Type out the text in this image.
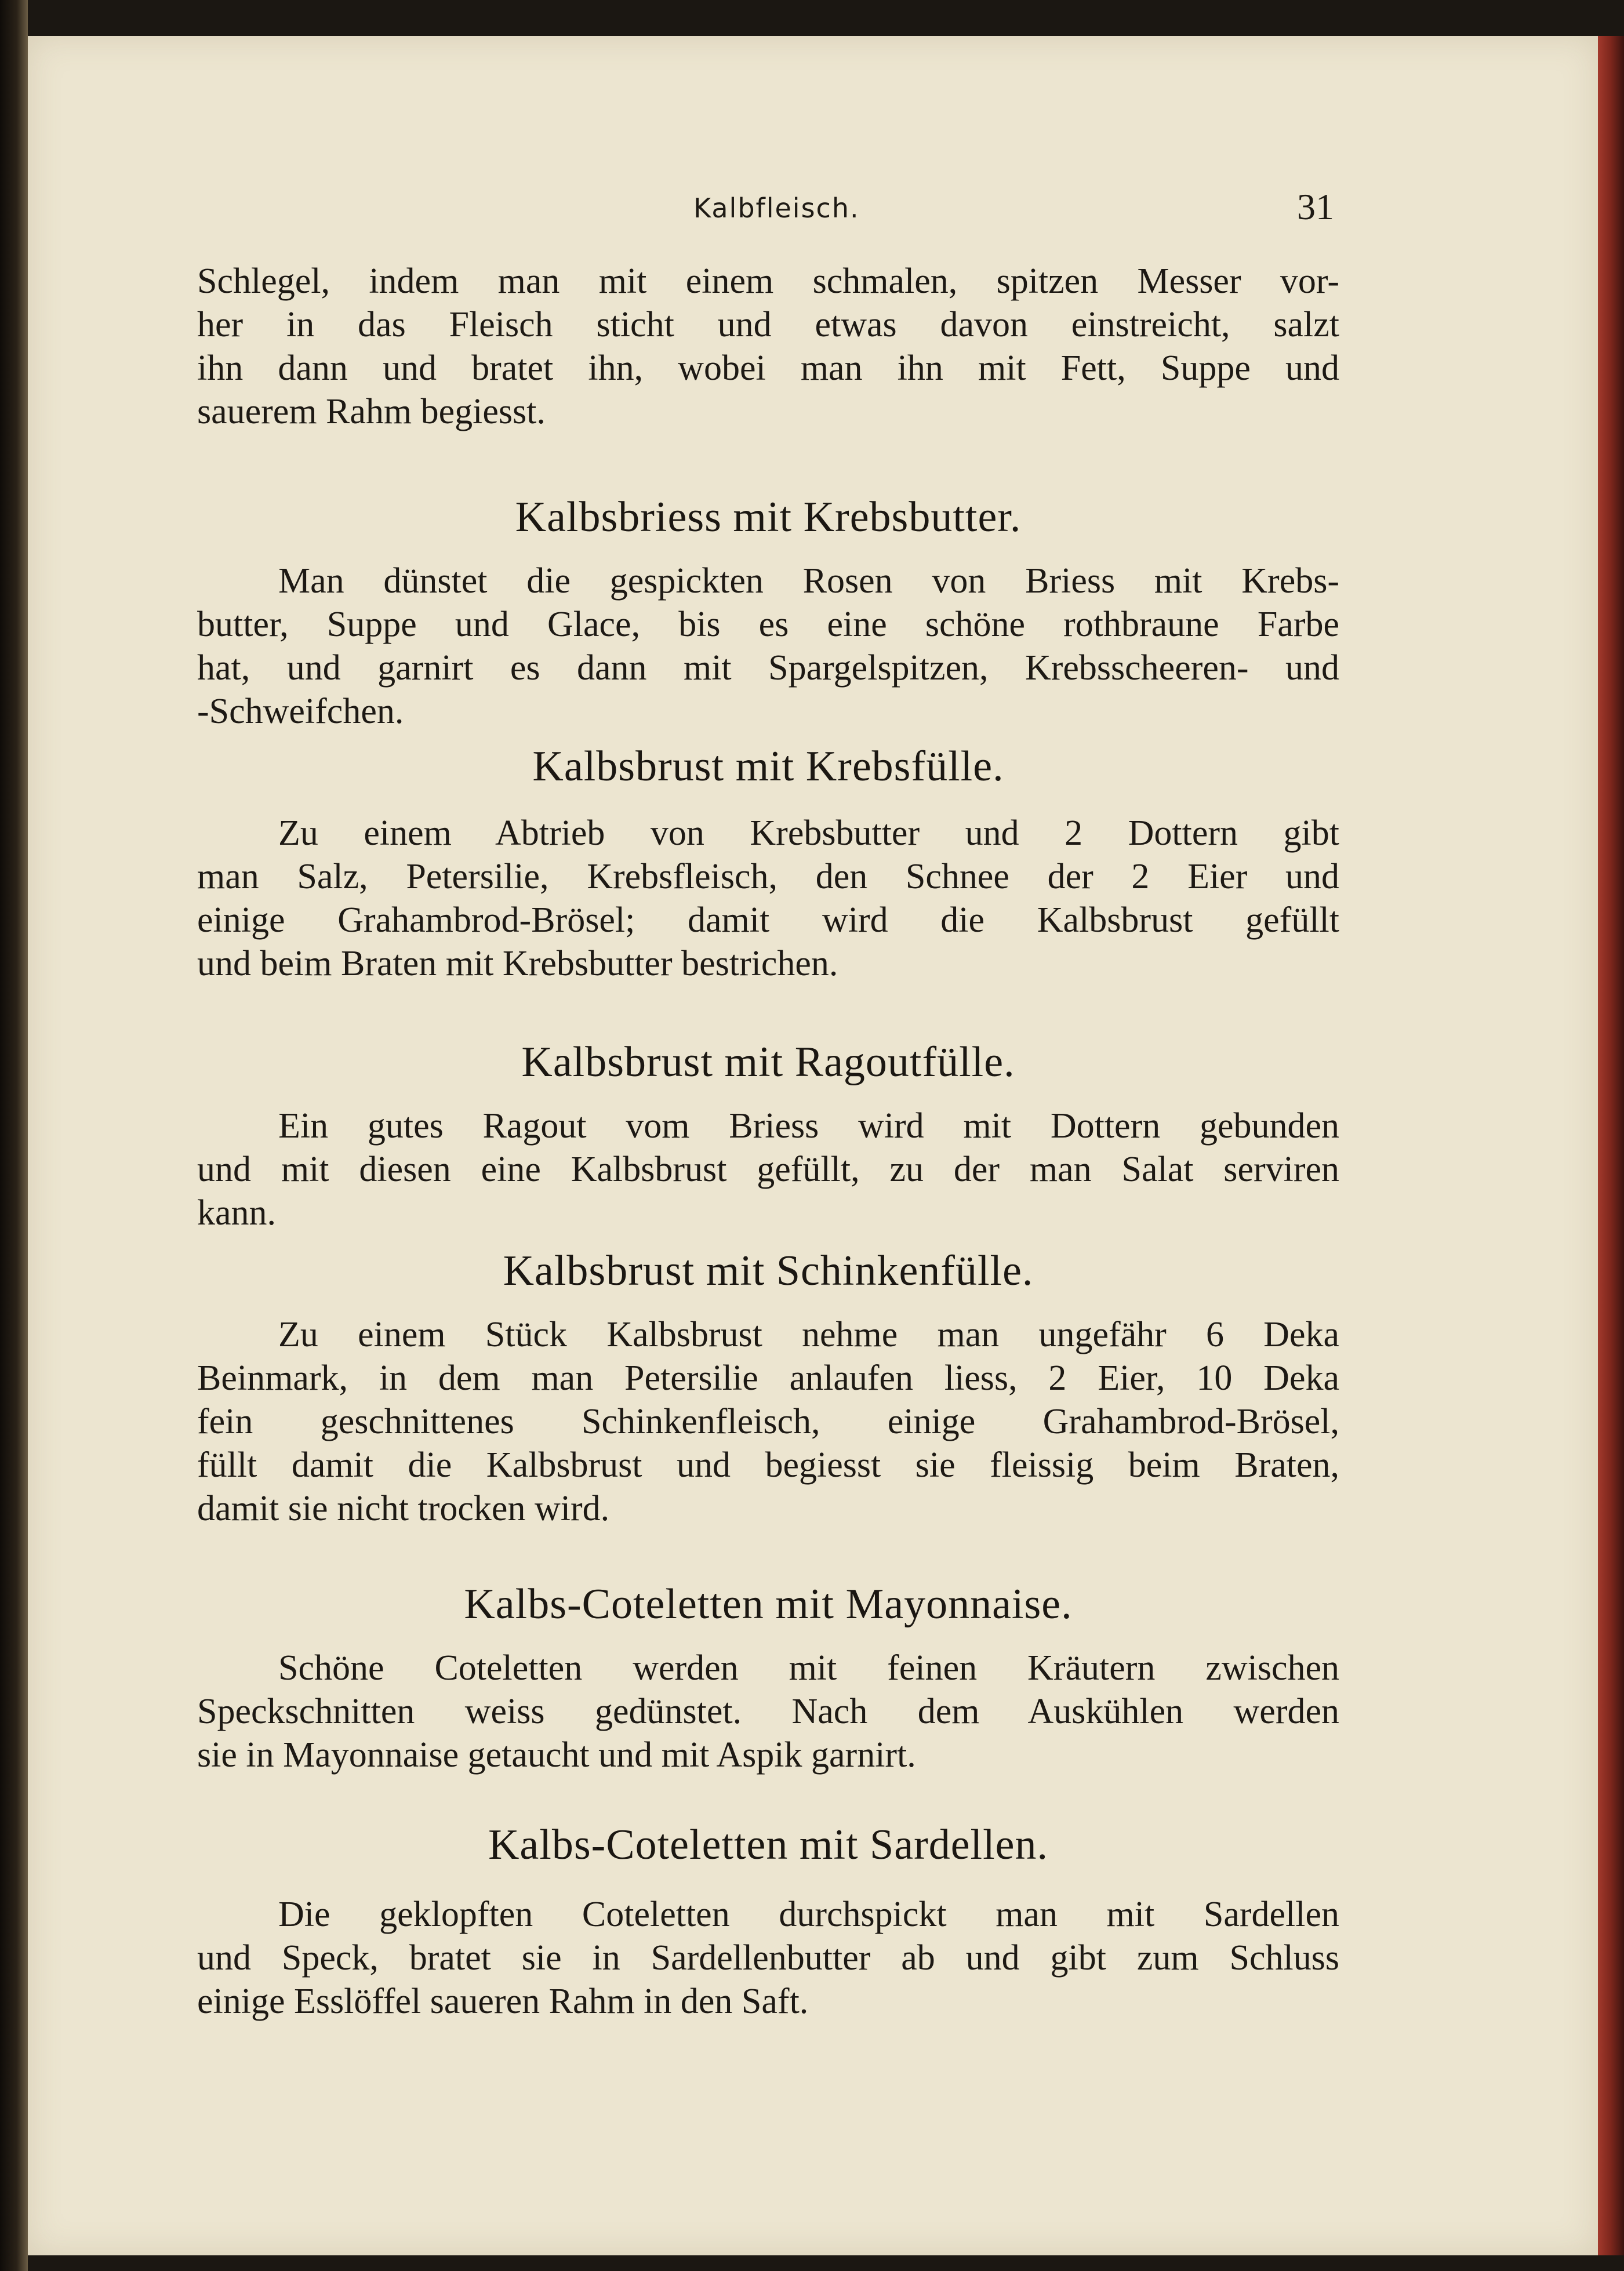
Kalbfleisch.	31
Schlegel, indem man mit einem schmalen, spitzen Messer vor-
her in das Fleisch sticht und etwas davon einstreicht, salzt
ihn dann und bratet ihn, wobei man ihn mit Fett, Suppe und
sauerem Rahm begiesst.
Kalbsbriess mit Krebsbutter.
Man dünstet die gespickten Rosen von Briess mit Krebs-
butter, Suppe und Glace, bis es eine schöne rothbraune Farbe
hat, und garnirt es dann mit Spargelspitzen, Krebsscheeren- und
-Schweifchen.
Kalbsbrust mit Krebsfülle.
Zu einem Abtrieb von Krebsbutter und 2 Dottern gibt
man Salz, Petersilie, Krebsfleisch, den Schnee der 2 Eier und
einige Grahambrod-Brösel; damit wird die Kalbsbrust gefüllt
und beim Braten mit Krebsbutter bestrichen.
Kalbsbrust mit Ragoutfülle.
Ein gutes Ragout vom Briess wird mit Dottern gebunden
und mit diesen eine Kalbsbrust gefüllt, zu der man Salat serviren
kann.
Kalbsbrust mit Schinkenfülle.
Zu einem Stück Kalbsbrust nehme man ungefähr 6 Deka
Beinmark, in dem man Petersilie anlaufen liess, 2 Eier, 10 Deka
fein geschnittenes Schinkenfleisch, einige Grahambrod-Brösel,
füllt damit die Kalbsbrust und begiesst sie fleissig beim Braten,
damit sie nicht trocken wird.
Kalbs-Coteletten mit Mayonnaise.
Schöne Coteletten werden mit feinen Kräutern zwischen
Speckschnitten weiss gedünstet. Nach dem Auskühlen werden
sie in Mayonnaise getaucht und mit Aspik garnirt.
Kalbs-Coteletten mit Sardellen.
Die geklopften Coteletten durchspickt man mit Sardellen
und Speck, bratet sie in Sardellenbutter ab und gibt zum Schluss
einige Esslöffel saueren Rahm in den Saft.
